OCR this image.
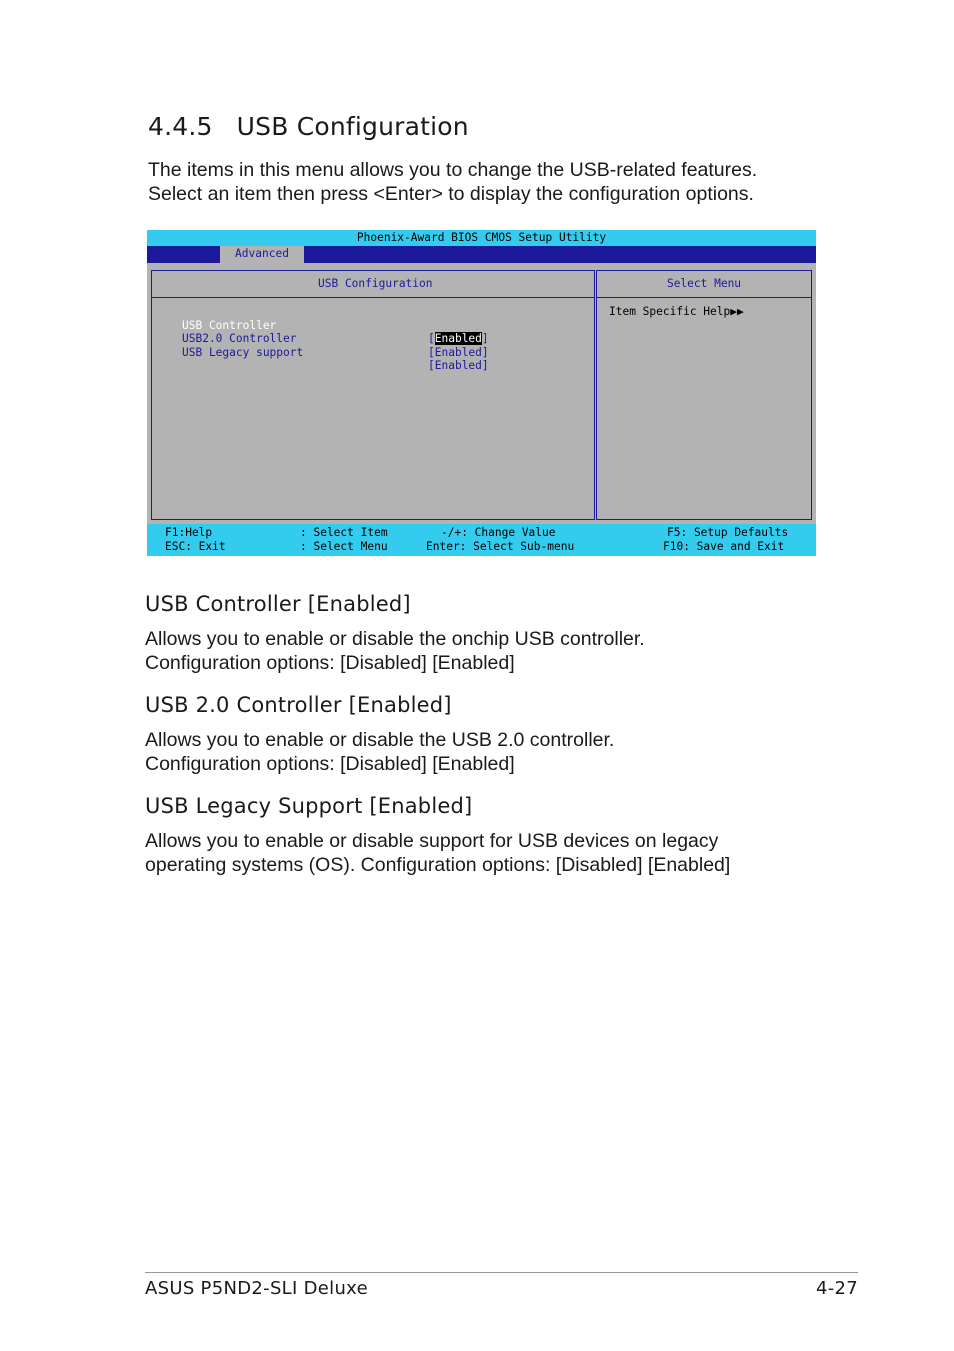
4.4.5 USB Configuration
The items in this menu allows you to change the USB-related features.
Select an item then press <Enter> to display the configuration options.
Phoenix-Award BIOS CMOS Setup Utility
Advanced
USB Configuration

USB Controller

[Enabled]

USB2.0 Controller

[Enabled]

USB Legacy support

[Enabled]

Select Menu
Item Specific Help▶▶
F1:Help	: Select Item	-/+: Change Value	F5: Setup Defaults
ESC: Exit	: Select Menu	Enter: Select Sub-menu	F10: Save and Exit
USB Controller [Enabled]
Allows you to enable or disable the onchip USB controller.
Configuration options: [Disabled] [Enabled]
USB 2.0 Controller [Enabled]
Allows you to enable or disable the USB 2.0 controller.
Configuration options: [Disabled] [Enabled]
USB Legacy Support [Enabled]
Allows you to enable or disable support for USB devices on legacy
operating systems (OS). Configuration options: [Disabled] [Enabled]
ASUS P5ND2-SLI Deluxe	4-27
